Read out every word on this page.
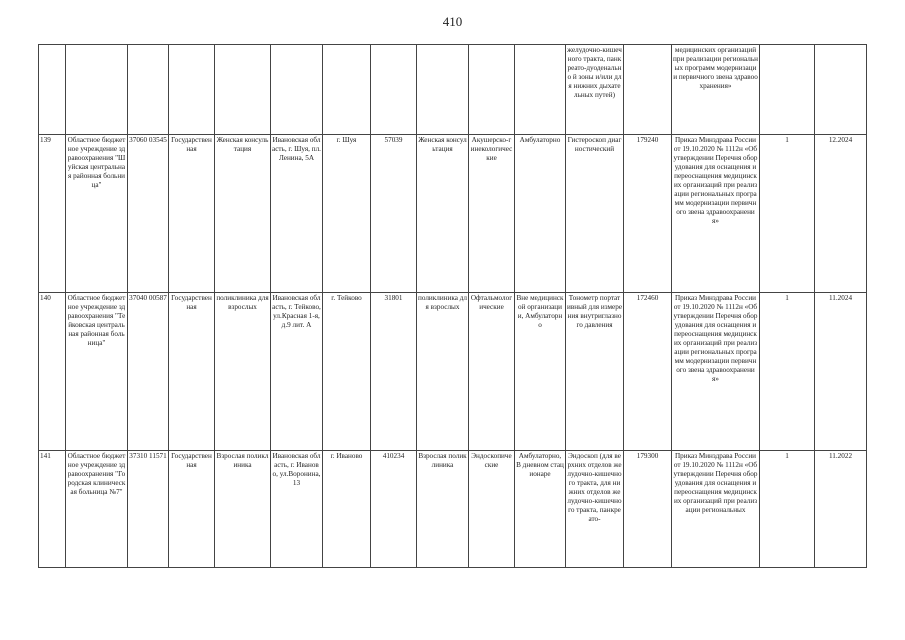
410
											желудочно-кишечного тракта, панкреато-дуоденально й зоны и/или для нижних дыхательных путей)		медицинских организаций при реализации региональных программ модернизации первичного звена здравоохранения»		
139	Областное бюджетное учреждение здравоохранения "Шуйская центральная районная больница"	37060 03545	Государственная	Женская консультация	Ивановская область, г. Шуя, пл.Ленина, 5А	г. Шуя	57039	Женская консультация	Акушерско-гинекологические	Амбулаторно	Гистероскоп диагностический	179240	Приказ Минздрава России от 19.10.2020 № 1112н «Об утверждении Перечня оборудования для оснащения и переоснащения медицинских организаций при реализации региональных программ модернизации первичного звена здравоохранения»	1	12.2024
140	Областное бюджетное учреждение здравоохранения "Тейковская центральная районная больница"	37040 00587	Государственная	поликлиника для взрослых	Ивановская область, г. Тейково, ул.Красная 1-я, д.9 лит. А	г. Тейково	31801	поликлиника для взрослых	Офтальмологические	Вне медицинской организации, Амбулаторно	Тонометр портативный для измерения внутриглазного давления	172460	Приказ Минздрава России от 19.10.2020 № 1112н «Об утверждении Перечня оборудования для оснащения и переоснащения медицинских организаций при реализации региональных программ модернизации первичного звена здравоохранения»	1	11.2024
141	Областное бюджетное учреждение здравоохранения "Городская клиническая больница №7"	37310 11571	Государственная	Взрослая поликлиника	Ивановская область, г. Иваново, ул.Воронина, 13	г. Иваново	410234	Взрослая поликлиника	Эндоскопические	Амбулаторно, В дневном стационаре	Эндоскоп (для верхних отделов желудочно-кишечного тракта, для нижних отделов желудочно-кишечного тракта, панкреато-	179300	Приказ Минздрава России от 19.10.2020 № 1112н «Об утверждении Перечня оборудования для оснащения и переоснащения медицинских организаций при реализации региональных	1	11.2022
